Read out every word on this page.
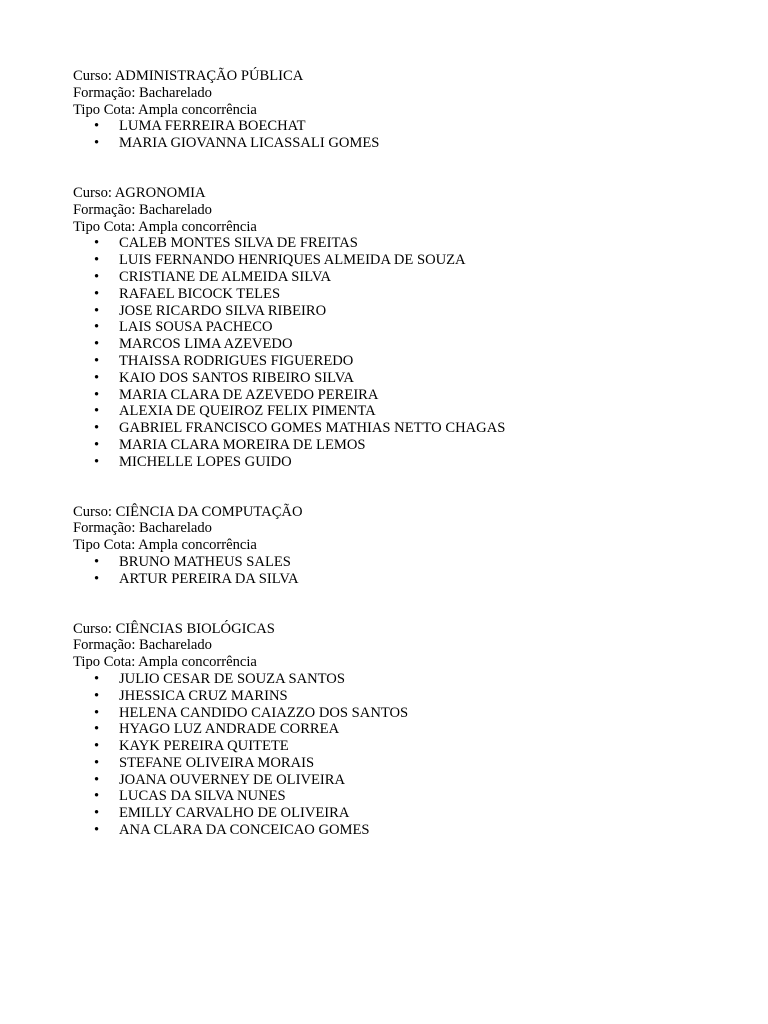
Curso: ADMINISTRAÇÃO PÚBLICA
Formação: Bacharelado
Tipo Cota: Ampla concorrência
• LUMA FERREIRA BOECHAT
• MARIA GIOVANNA LICASSALI GOMES
Curso: AGRONOMIA
Formação: Bacharelado
Tipo Cota: Ampla concorrência
• CALEB MONTES SILVA DE FREITAS
• LUIS FERNANDO HENRIQUES ALMEIDA DE SOUZA
• CRISTIANE DE ALMEIDA SILVA
• RAFAEL BICOCK TELES
• JOSE RICARDO SILVA RIBEIRO
• LAIS SOUSA PACHECO
• MARCOS LIMA AZEVEDO
• THAISSA RODRIGUES FIGUEREDO
• KAIO DOS SANTOS RIBEIRO SILVA
• MARIA CLARA DE AZEVEDO PEREIRA
• ALEXIA DE QUEIROZ FELIX PIMENTA
• GABRIEL FRANCISCO GOMES MATHIAS NETTO CHAGAS
• MARIA CLARA MOREIRA DE LEMOS
• MICHELLE LOPES GUIDO
Curso: CIÊNCIA DA COMPUTAÇÃO
Formação: Bacharelado
Tipo Cota: Ampla concorrência
• BRUNO MATHEUS SALES
• ARTUR PEREIRA DA SILVA
Curso: CIÊNCIAS BIOLÓGICAS
Formação: Bacharelado
Tipo Cota: Ampla concorrência
• JULIO CESAR DE SOUZA SANTOS
• JHESSICA CRUZ MARINS
• HELENA CANDIDO CAIAZZO DOS SANTOS
• HYAGO LUZ ANDRADE CORREA
• KAYK PEREIRA QUITETE
• STEFANE OLIVEIRA MORAIS
• JOANA OUVERNEY DE OLIVEIRA
• LUCAS DA SILVA NUNES
• EMILLY CARVALHO DE OLIVEIRA
• ANA CLARA DA CONCEICAO GOMES
